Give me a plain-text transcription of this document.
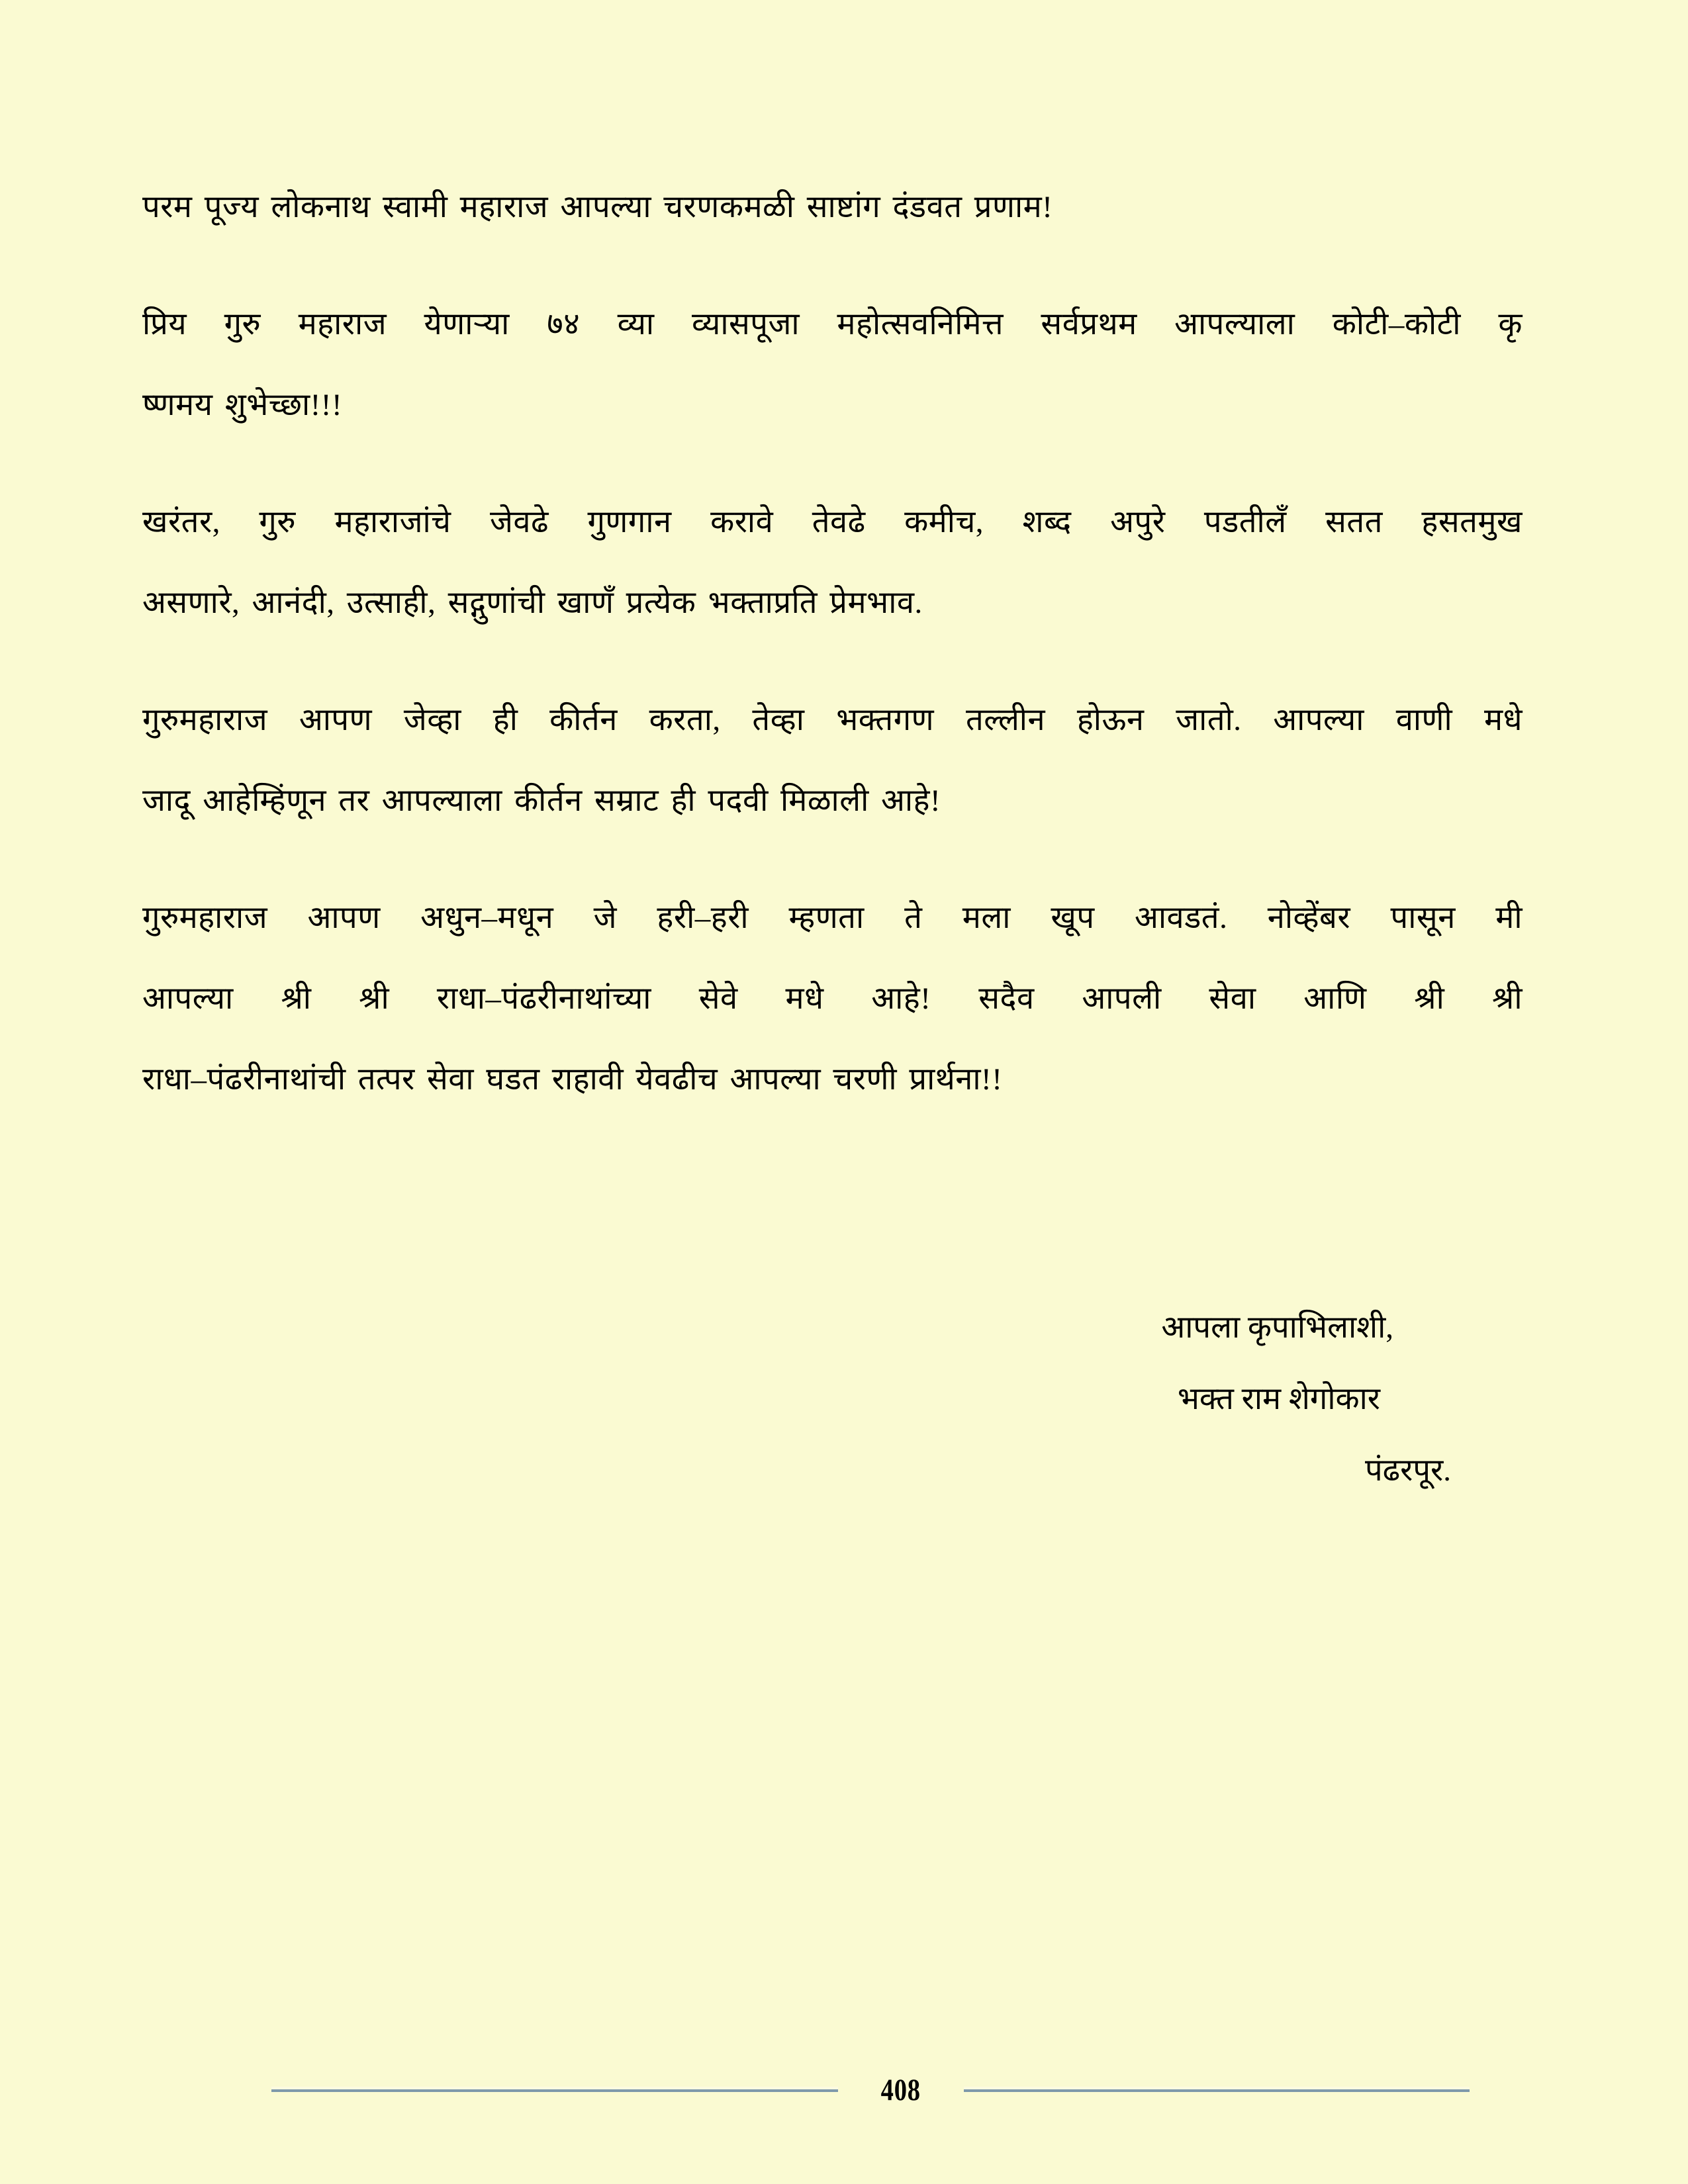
परम पूज्य लोकनाथ स्वामी महाराज आपल्या चरणकमळी साष्टांग दंडवत प्रणाम!
प्रिय गुरु महाराज येणाऱ्या ७४ व्या व्यासपूजा महोत्सवनिमित्त सर्वप्रथम आपल्याला कोटी–कोटी कृ
ष्णमय शुभेच्छा!!!
खरंतर, गुरु महाराजांचे जेवढे गुणगान करावे तेवढे कमीच, शब्द अपुरे पडतीलँ सतत हसतमुख
असणारे, आनंदी, उत्साही, सद्गुणांची खाणँ प्रत्येक भक्ताप्रति प्रेमभाव.
गुरुमहाराज आपण जेव्हा ही कीर्तन करता, तेव्हा भक्तगण तल्लीन होऊन जातो. आपल्या वाणी मधे
जादू आहेम्हिंणून तर आपल्याला कीर्तन सम्राट ही पदवी मिळाली आहे!
गुरुमहाराज आपण अधुन–मधून जे हरी–हरी म्हणता ते मला खूप आवडतं. नोव्हेंबर पासून मी
आपल्या श्री श्री राधा–पंढरीनाथांच्या सेवे मधे आहे! सदैव आपली सेवा आणि श्री श्री
राधा–पंढरीनाथांची तत्पर सेवा घडत राहावी येवढीच आपल्या चरणी प्रार्थना!!
आपला कृपाभिलाशी,
भक्त राम शेगोकार
पंढरपूर.
408
